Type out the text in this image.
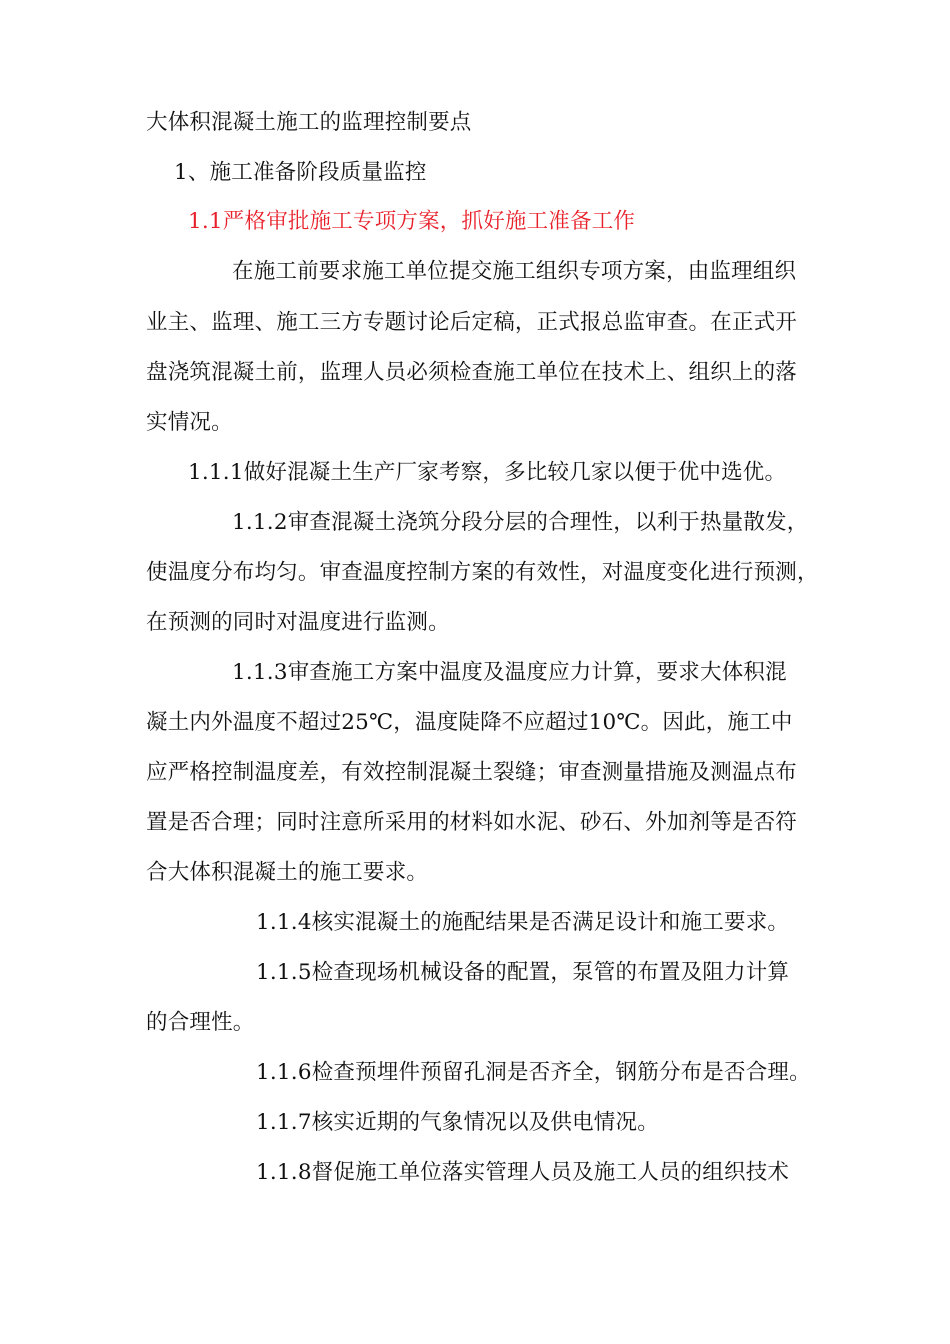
大体积混凝土施工的监理控制要点
1、施工准备阶段质量监控
1.1严格审批施工专项方案，抓好施工准备工作
在施工前要求施工单位提交施工组织专项方案，由监理组织
业主、监理、施工三方专题讨论后定稿，正式报总监审查。在正式开
盘浇筑混凝土前，监理人员必须检查施工单位在技术上、组织上的落
实情况。
1.1.1做好混凝土生产厂家考察，多比较几家以便于优中选优。
1.1.2审查混凝土浇筑分段分层的合理性，以利于热量散发，
使温度分布均匀。审查温度控制方案的有效性，对温度变化进行预测，
在预测的同时对温度进行监测。
1.1.3审查施工方案中温度及温度应力计算，要求大体积混
凝土内外温度不超过25℃，温度陡降不应超过10℃。因此，施工中
应严格控制温度差，有效控制混凝土裂缝；审查测量措施及测温点布
置是否合理；同时注意所采用的材料如水泥、砂石、外加剂等是否符
合大体积混凝土的施工要求。
1.1.4核实混凝土的施配结果是否满足设计和施工要求。
1.1.5检查现场机械设备的配置，泵管的布置及阻力计算
的合理性。
1.1.6检查预埋件预留孔洞是否齐全，钢筋分布是否合理。
1.1.7核实近期的气象情况以及供电情况。
1.1.8督促施工单位落实管理人员及施工人员的组织技术
